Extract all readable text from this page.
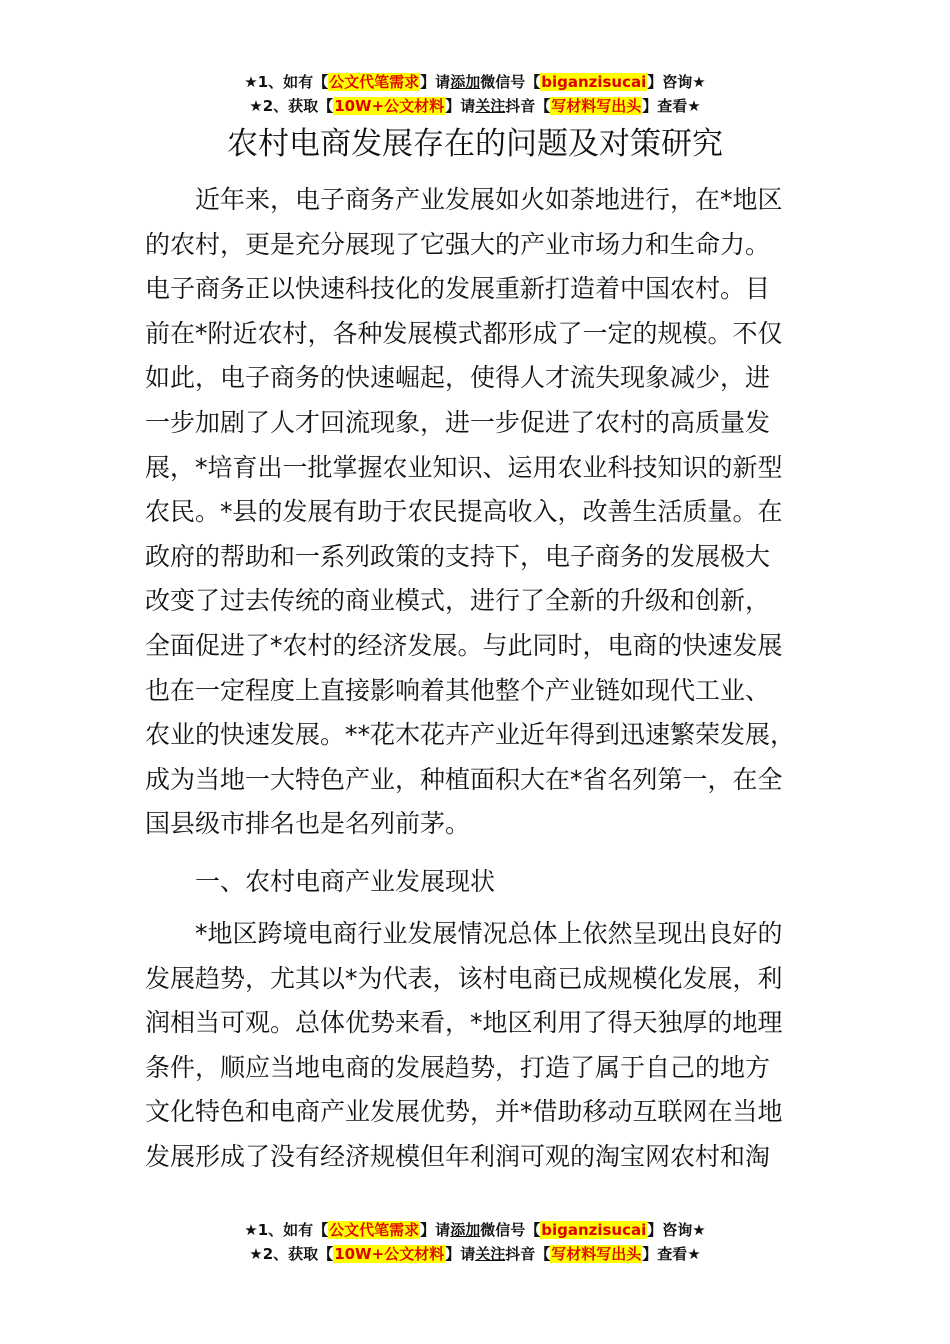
★1、如有【公文代笔需求】请添加微信号【biganzisucai】咨询★
★2、获取【10W+公文材料】请关注抖音【写材料写出头】查看★
农村电商发展存在的问题及对策研究
近年来，电子商务产业发展如火如荼地进行，在*地区
的农村，更是充分展现了它强大的产业市场力和生命力。
电子商务正以快速科技化的发展重新打造着中国农村。目
前在*附近农村，各种发展模式都形成了一定的规模。不仅
如此，电子商务的快速崛起，使得人才流失现象减少，进
一步加剧了人才回流现象，进一步促进了农村的高质量发
展，*培育出一批掌握农业知识、运用农业科技知识的新型
农民。*县的发展有助于农民提高收入，改善生活质量。在
政府的帮助和一系列政策的支持下，电子商务的发展极大
改变了过去传统的商业模式，进行了全新的升级和创新，
全面促进了*农村的经济发展。与此同时，电商的快速发展
也在一定程度上直接影响着其他整个产业链如现代工业、
农业的快速发展。**花木花卉产业近年得到迅速繁荣发展，
成为当地一大特色产业，种植面积大在*省名列第一，在全
国县级市排名也是名列前茅。
一、农村电商产业发展现状
*地区跨境电商行业发展情况总体上依然呈现出良好的
发展趋势，尤其以*为代表，该村电商已成规模化发展，利
润相当可观。总体优势来看，*地区利用了得天独厚的地理
条件，顺应当地电商的发展趋势，打造了属于自己的地方
文化特色和电商产业发展优势，并*借助移动互联网在当地
发展形成了没有经济规模但年利润可观的淘宝网农村和淘
★1、如有【公文代笔需求】请添加微信号【biganzisucai】咨询★
★2、获取【10W+公文材料】请关注抖音【写材料写出头】查看★
